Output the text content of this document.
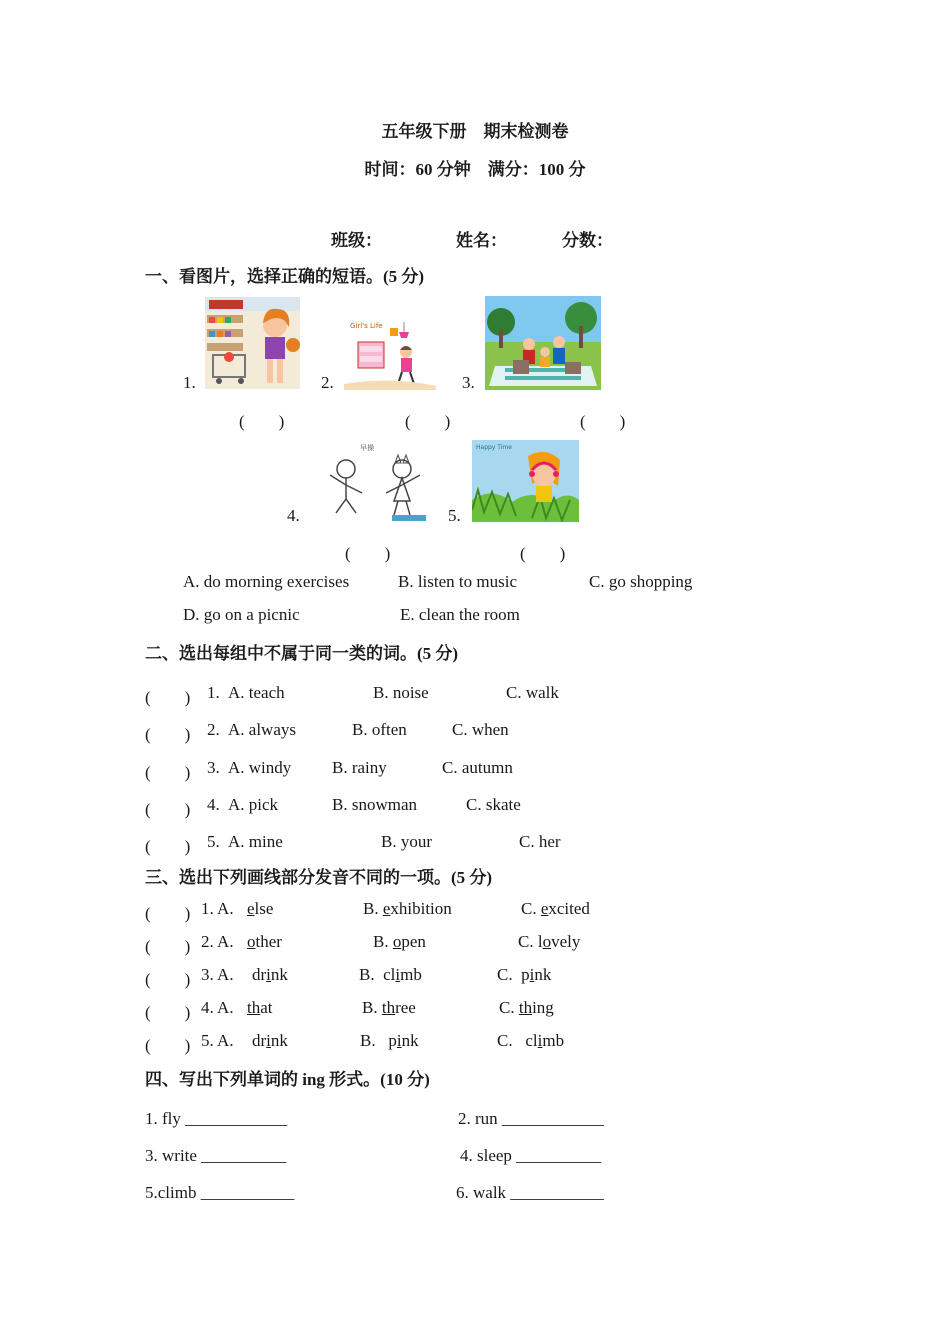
五年级下册　期末检测卷
时间：60 分钟　满分：100 分
班级：	姓名：	分数：
一、看图片，选择正确的短语。(5 分)
1.	2.
Girl's Life
3.
(　　)	(　　)	(　　)
4.
早操
5.
Happy Time
(　　)	(　　)
A. do morning exercises	B. listen to music	C. go shopping
D. go on a picnic	E. clean the room
二、选出每组中不属于同一类的词。(5 分)
(　　) 1. A. teach	B. noise	C. walk
(　　) 2. A. always	B. often	C. when
(　　) 3. A. windy B. rainy	C. autumn
(　　) 4. A. pick	B. snowman	C. skate
(　　) 5. A. mine	B. your	C. her
三、选出下列画线部分发音不同的一项。(5 分)
(　　) 1. A. else	B. exhibition	C. excited
(　　) 2. A. other	B. open	C. lovely
(　　) 3. A. drink	B. climb	C. pink
(　　) 4. A. that	B. three	C. thing
(　　) 5. A. drink	B. pink	C. climb
四、写出下列单词的 ing 形式。(10 分)
1. fly ____________	2. run ____________
3. write __________	4. sleep __________
5.climb ___________	6. walk ___________
